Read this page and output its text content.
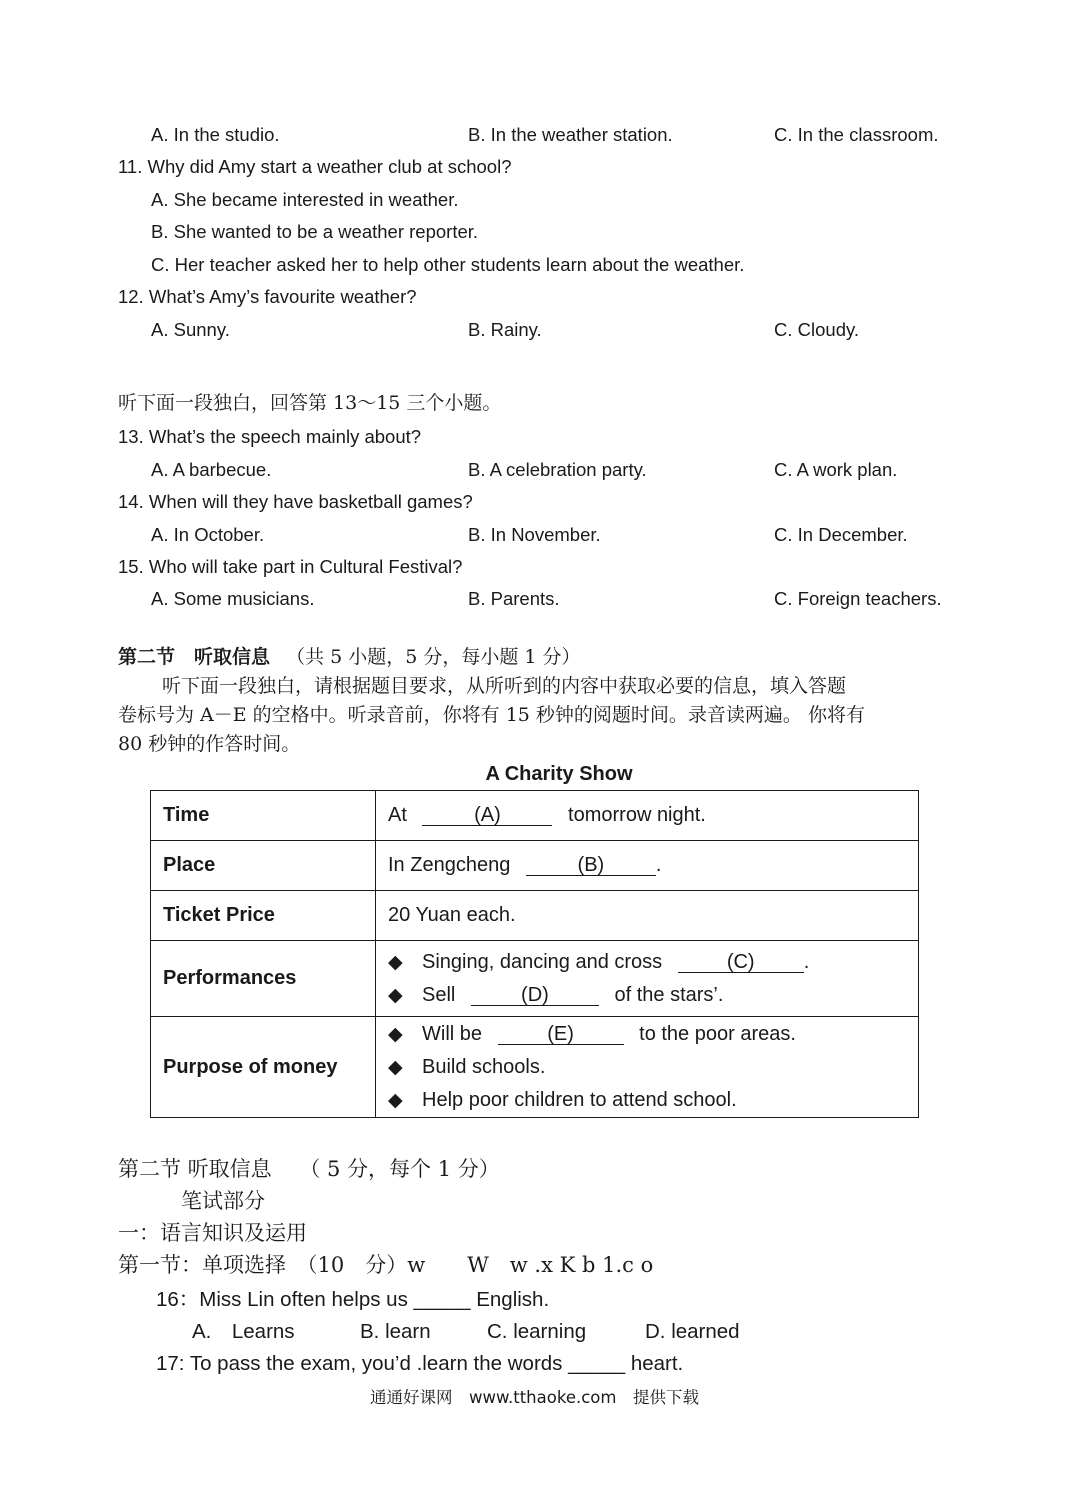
A. In the studio.	B. In the weather station.	C. In the classroom.
11. Why did Amy start a weather club at school?
A. She became interested in weather.
B. She wanted to be a weather reporter.
C. Her teacher asked her to help other students learn about the weather.
12. What’s Amy’s favourite weather?
A. Sunny.	B. Rainy.	C. Cloudy.
听下面一段独白，回答第 13～15 三个小题。
13. What’s the speech mainly about?
A. A barbecue.	B. A celebration party.	C. A work plan.
14. When will they have basketball games?
A. In October.	B. In November.	C. In December.
15. Who will take part in Cultural Festival?
A. Some musicians.	B. Parents.	C. Foreign teachers.
第二节　听取信息 （共 5 小题，5 分，每小题 1 分）
听下面一段独白，请根据题目要求，从所听到的内容中获取必要的信息，填入答题
卷标号为 A－E 的空格中。听录音前，你将有 15 秒钟的阅题时间。录音读两遍。 你将有
80 秒钟的作答时间。
A Charity Show
Time	At (A) tomorrow night.
Place	In Zengcheng (B) .
Ticket Price	20 Yuan each.
Performances	◆ Singing, dancing and cross (C) .
◆ Sell (D) of the stars’.

Purpose of money	◆ Will be (E) to the poor areas.
◆ Build schools.
◆ Help poor children to attend school.
第二节 听取信息　 （ 5 分，每个 1 分）
笔试部分
一：语言知识及运用
第一节：单项选择　（10　分）w　　W　w .x K b 1.c o
16：Miss Lin often helps us _____ English.
A.　Learns	B. learn	C. learning	D. learned
17: To pass the exam, you’d .learn the words _____ heart.
通通好课网　www.tthaoke.com　提供下载
